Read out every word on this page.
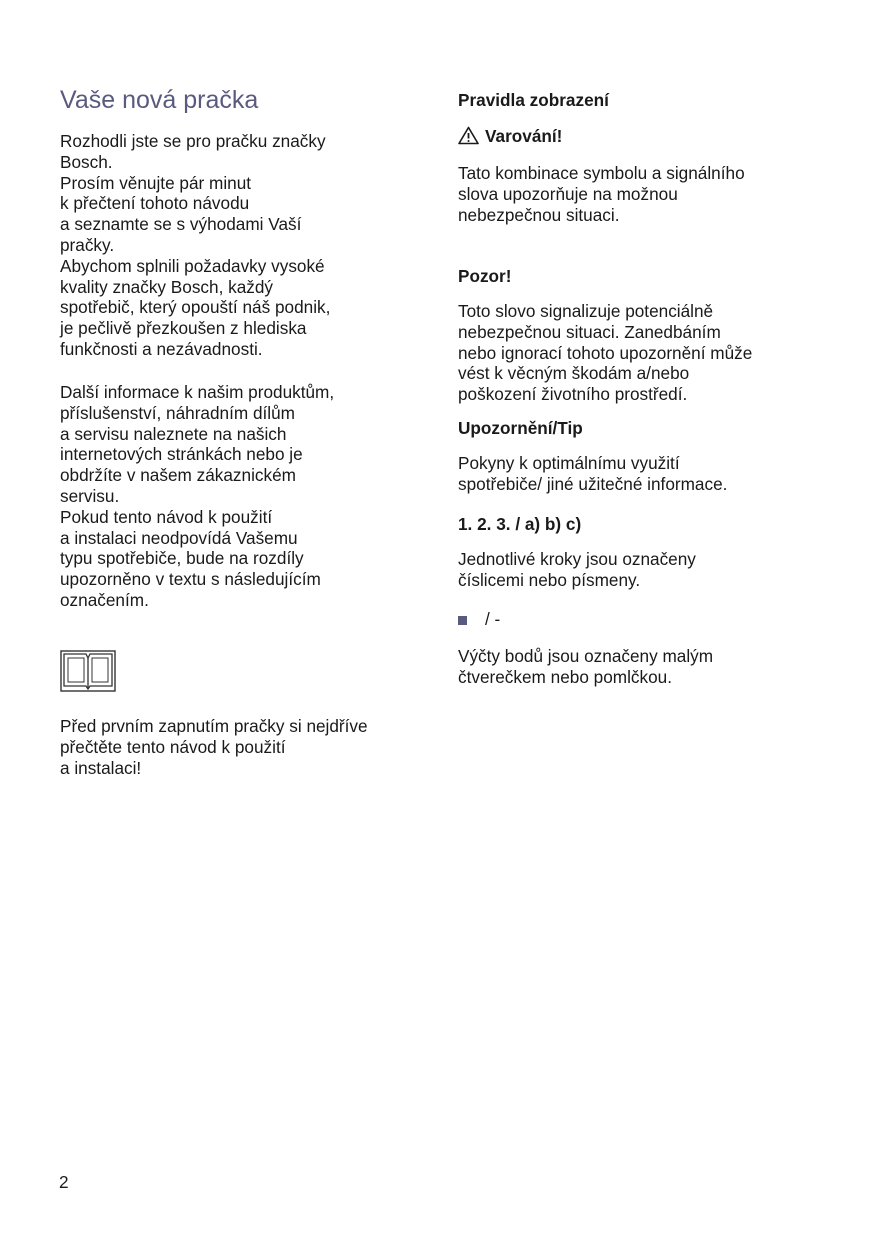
Vaše nová pračka

Rozhodli jste se pro pračku značky
Bosch.
Prosím věnujte pár minut
k přečtení tohoto návodu
a seznamte se s výhodami Vaší
pračky.
Abychom splnili požadavky vysoké
kvality značky Bosch, každý
spotřebič, který opouští náš podnik,
je pečlivě přezkoušen z hlediska
funkčnosti a nezávadnosti.

Další informace k našim produktům,
příslušenství, náhradním dílům
a servisu naleznete na našich
internetových stránkách nebo je
obdržíte v našem zákaznickém
servisu.
Pokud tento návod k použití
a instalaci neodpovídá Vašemu
typu spotřebiče, bude na rozdíly
upozorněno v textu s následujícím
označením.

Před prvním zapnutím pračky si nejdříve
přečtěte tento návod k použití
a instalaci!

2
Pravidla zobrazení
Varování!

Tato kombinace symbolu a signálního
slova upozorňuje na možnou
nebezpečnou situaci.

Pozor!

Toto slovo signalizuje potenciálně
nebezpečnou situaci. Zanedbáním
nebo ignorací tohoto upozornění může
vést k věcným škodám a/nebo
poškození životního prostředí.

Upozornění/Tip

Pokyny k optimálnímu využití
spotřebiče/ jiné užitečné informace.

1. 2. 3. / a) b) c)

Jednotlivé kroky jsou označeny
číslicemi nebo písmeny.

/ -

Výčty bodů jsou označeny malým
čtverečkem nebo pomlčkou.
